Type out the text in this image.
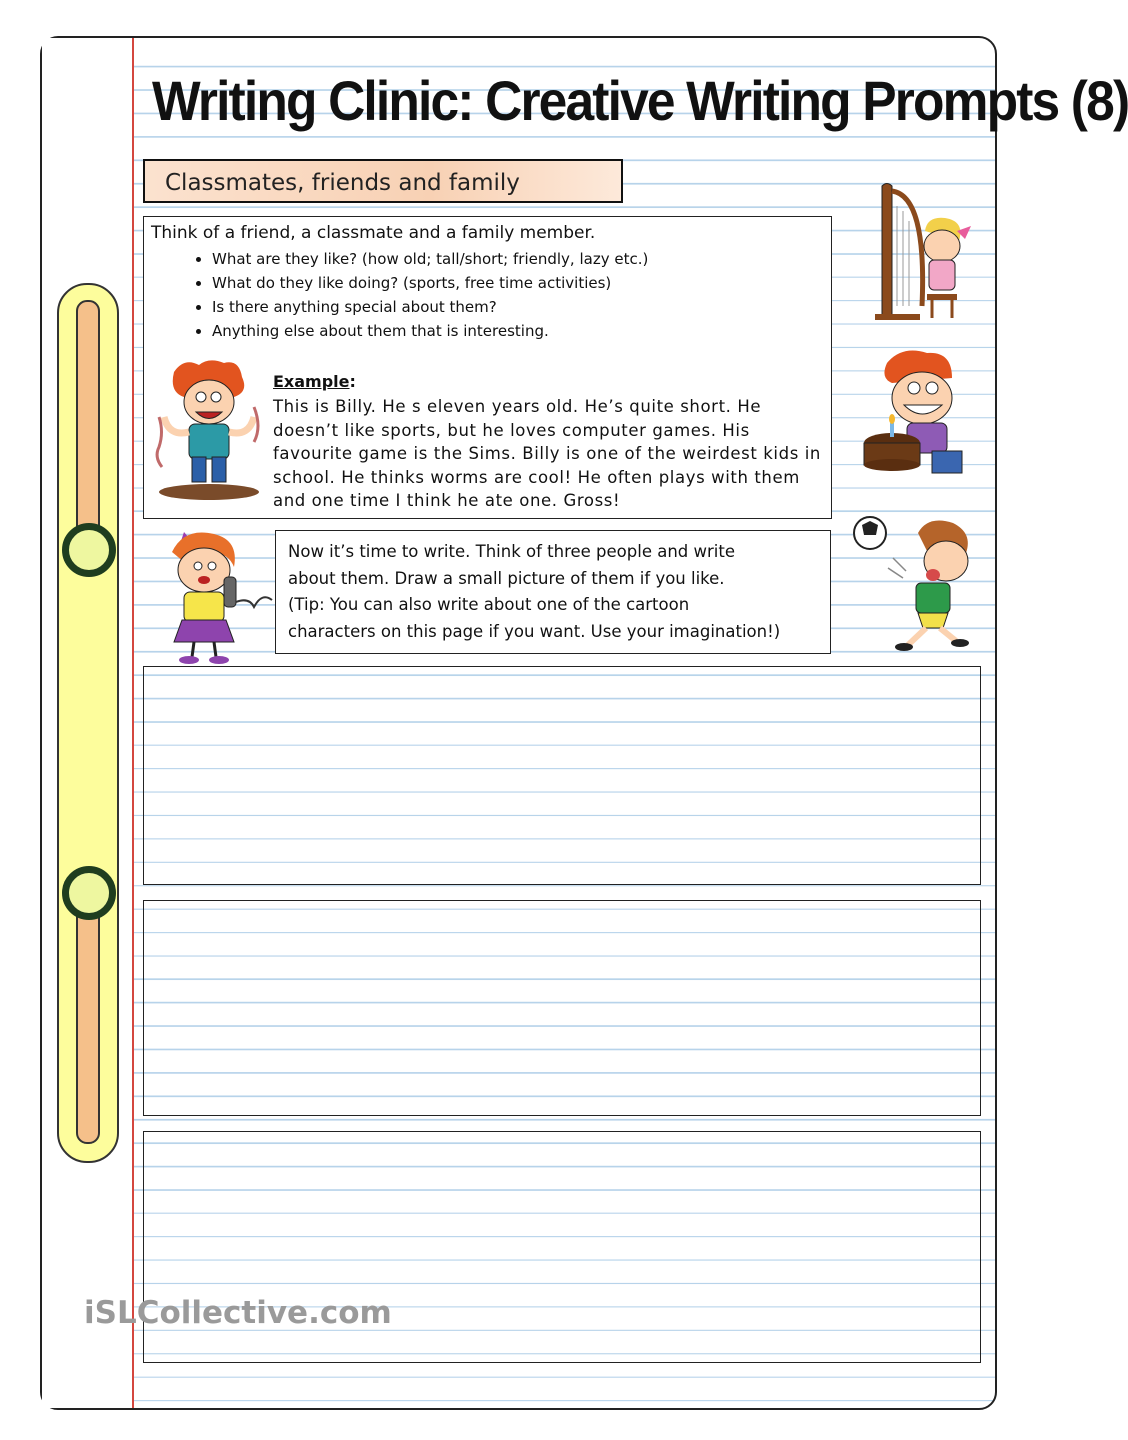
Writing Clinic: Creative Writing Prompts (8)
Classmates, friends and family
Think of a friend, a classmate and a family member.
• What are they like? (how old; tall/short; friendly, lazy etc.)
• What do they like doing? (sports, free time activities)
• Is there anything special about them?
• Anything else about them that is interesting.
Example:
This is Billy. He s eleven years old. He’s quite short. He doesn’t like sports, but he loves computer games. His favourite game is the Sims. Billy is one of the weirdest kids in school. He thinks worms are cool! He often plays with them and one time I think he ate one. Gross!
Now it’s time to write. Think of three people and write
about them. Draw a small picture of them if you like.
(Tip: You can also write about one of the cartoon
characters on this page if you want. Use your imagination!)
iSLCollective.com
